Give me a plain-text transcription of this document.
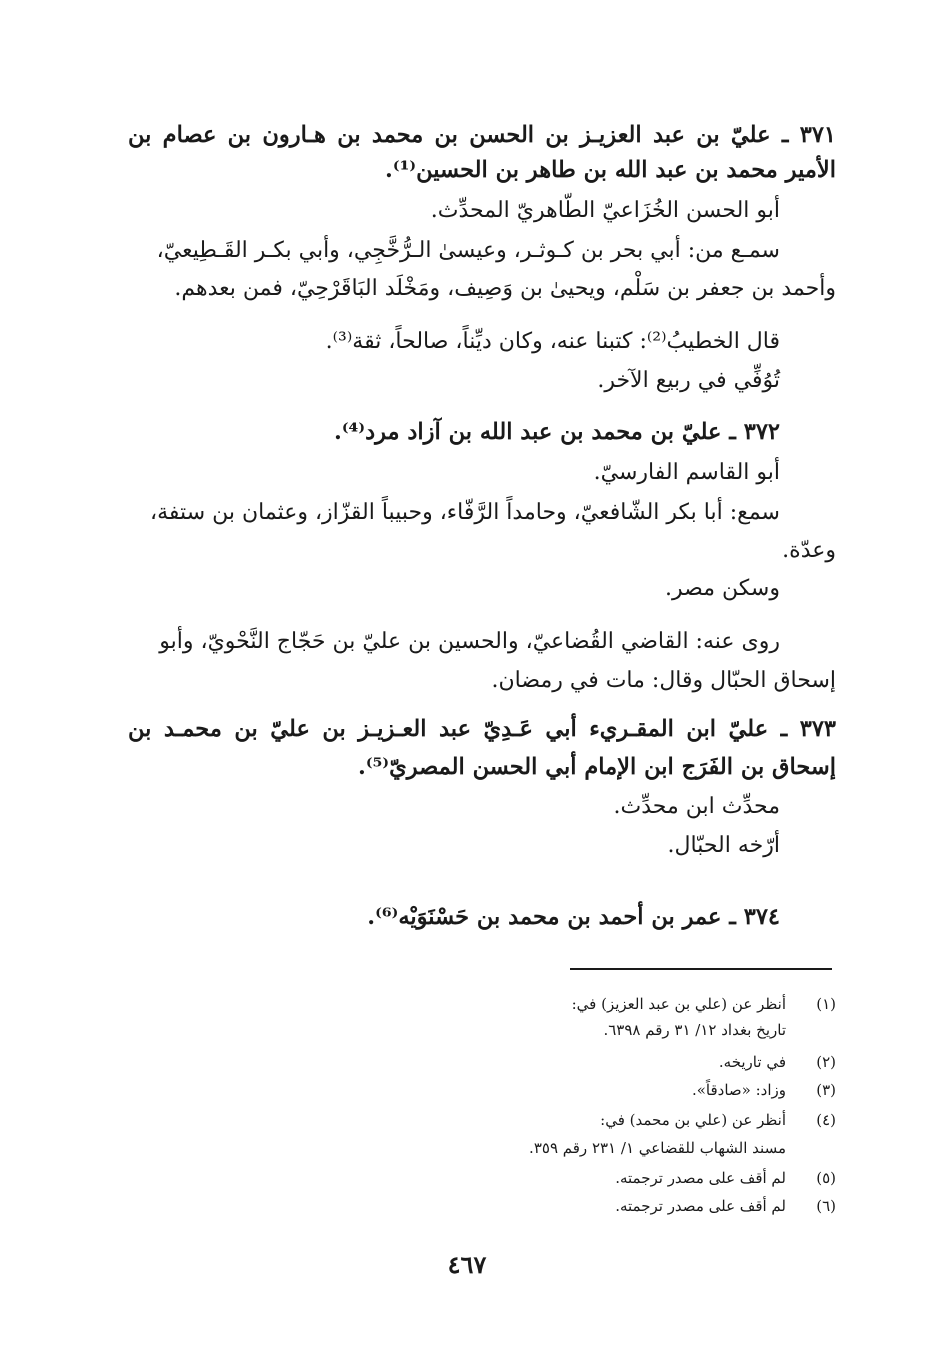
٣٧١ ـ عليّ بن عبد العزيـز بن الحسن بن محمد بن هـارون بن عصام بن
الأمير محمد بن عبد الله بن طاهر بن الحسين⁽¹⁾.
أبو الحسن الخُزَاعيّ الطّاهريّ المحدِّث.
سمـع من: أبي بحر بن كـوثـر، وعيسىٰ الـرُّخَّجِي، وأبي بكـر القَـطِيعيّ،
وأحمد بن جعفر بن سَلْم، ويحيىٰ بن وَصِيف، ومَخْلَد البَاقَرْحِيّ، فمن بعدهم.
قال الخطيبُ⁽²⁾: كتبنا عنه، وكان ديِّناً، صالحاً، ثقة⁽³⁾.
تُوُفِّي في ربيع الآخر.
٣٧٢ ـ عليّ بن محمد بن عبد الله بن آزاد مرد⁽⁴⁾.
أبو القاسم الفارسيّ.
سمع: أبا بكر الشّافعيّ، وحامداً الرَّفّاء، وحبيباً القزّاز، وعثمان بن ستفة،
وعدّة.
وسكن مصر.
روى عنه: القاضي القُضاعيّ، والحسين بن عليّ بن حَجّاج النَّحْويّ، وأبو
إسحاق الحبّال وقال: مات في رمضان.
٣٧٣ ـ عليّ ابن المقـريء أبي عَـدِيّ عبد العـزيـز بن عليّ بن محمـد بن
إسحاق بن الفَرَج ابن الإمام أبي الحسن المصريّ⁽⁵⁾.
محدِّث ابن محدِّث.
أرّخه الحبّال.
٣٧٤ ـ عمر بن أحمد بن محمد بن حَسْنَوَيْه⁽⁶⁾.
(١)أنظر عن (علي بن عبد العزيز) في:
تاريخ بغداد ١٢/ ٣١ رقم ٦٣٩٨.
(٢)في تاريخه.
(٣)وزاد: «صادقاً».
(٤)أنظر عن (علي بن محمد) في:
مسند الشهاب للقضاعي ١/ ٢٣١ رقم ٣٥٩.
(٥)لم أقف على مصدر ترجمته.
(٦)لم أقف على مصدر ترجمته.
٤٦٧
